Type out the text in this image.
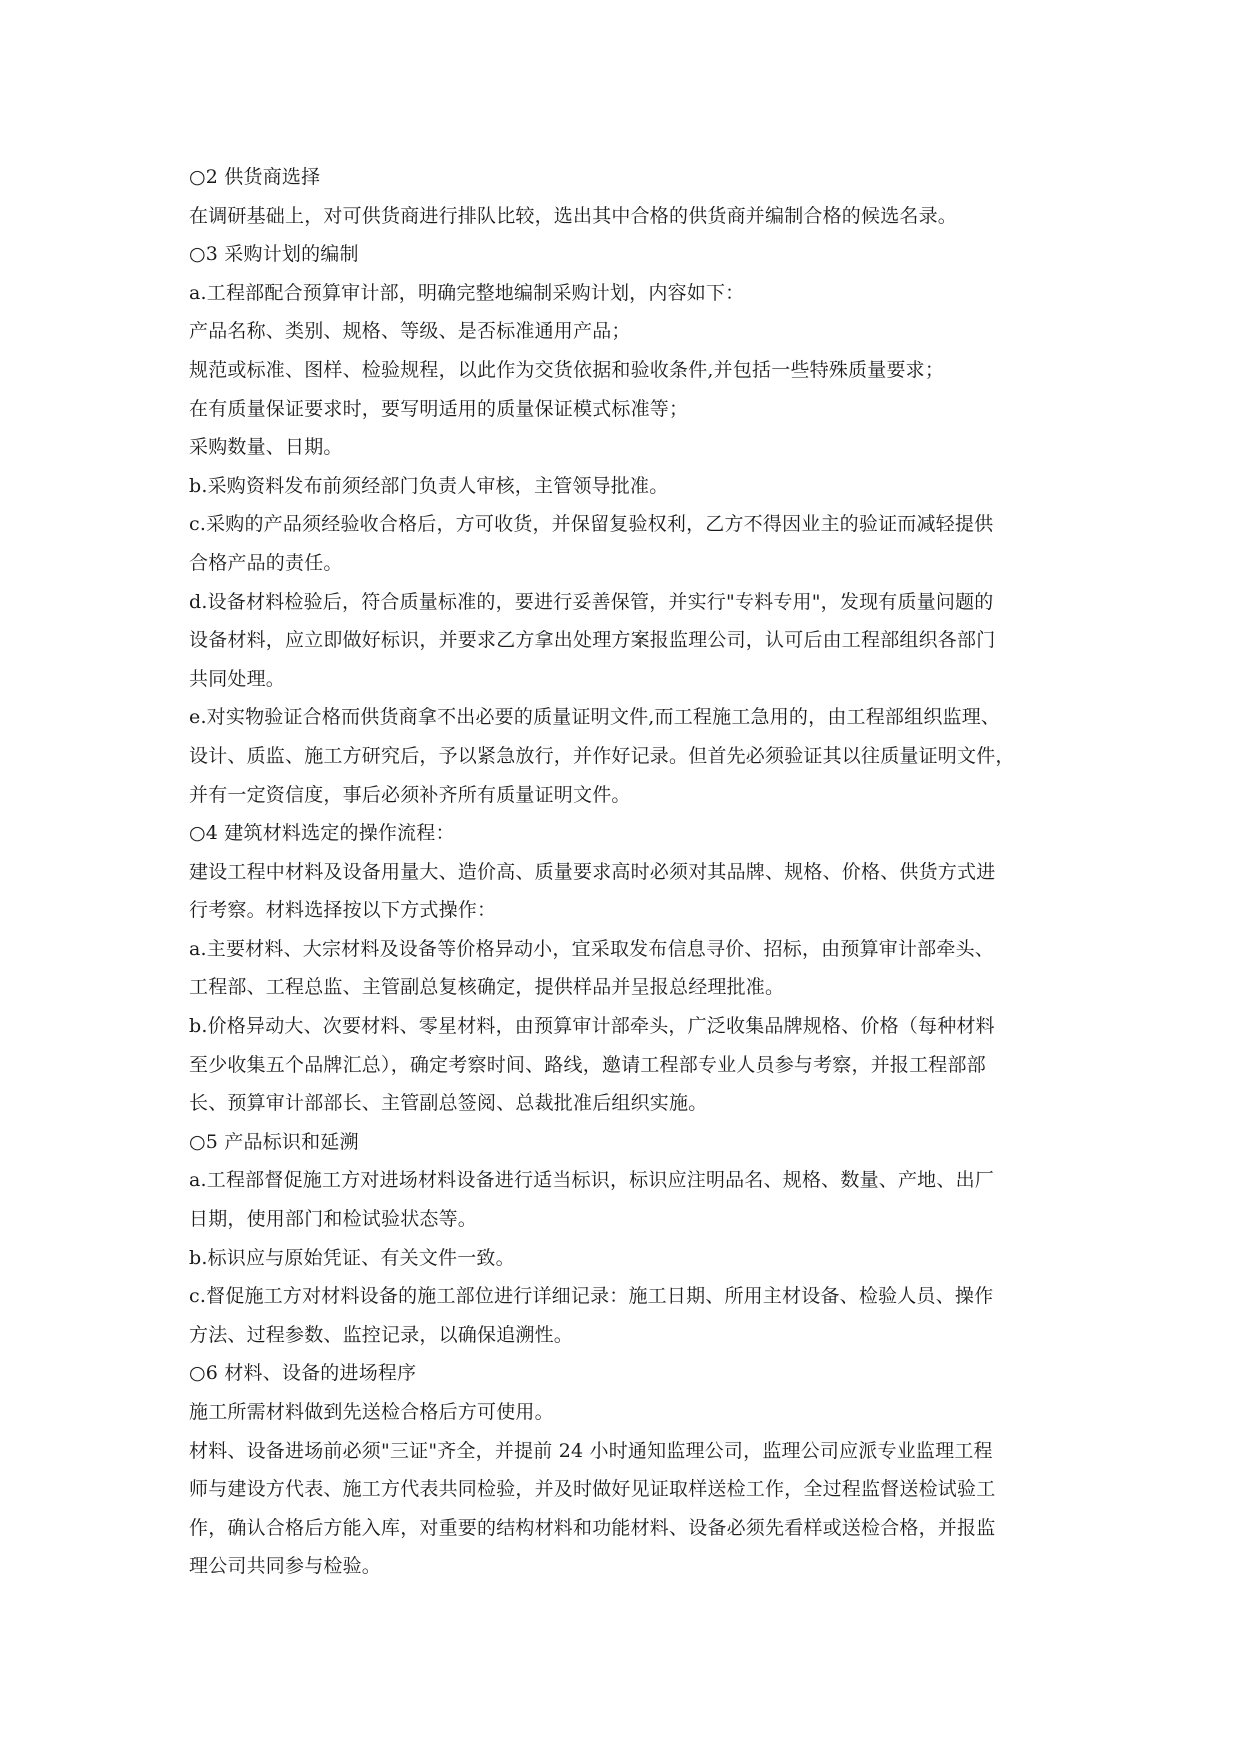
○2 供货商选择
在调研基础上，对可供货商进行排队比较，选出其中合格的供货商并编制合格的候选名录。
○3 采购计划的编制
a.工程部配合预算审计部，明确完整地编制采购计划，内容如下：
产品名称、类别、规格、等级、是否标准通用产品；
规范或标准、图样、检验规程，以此作为交货依据和验收条件,并包括一些特殊质量要求；
在有质量保证要求时，要写明适用的质量保证模式标准等；
采购数量、日期。
b.采购资料发布前须经部门负责人审核，主管领导批准。
c.采购的产品须经验收合格后，方可收货，并保留复验权利，乙方不得因业主的验证而减轻提供
合格产品的责任。
d.设备材料检验后，符合质量标准的，要进行妥善保管，并实行"专料专用"，发现有质量问题的
设备材料，应立即做好标识，并要求乙方拿出处理方案报监理公司，认可后由工程部组织各部门
共同处理。
e.对实物验证合格而供货商拿不出必要的质量证明文件,而工程施工急用的，由工程部组织监理、
设计、质监、施工方研究后，予以紧急放行，并作好记录。但首先必须验证其以往质量证明文件，
并有一定资信度，事后必须补齐所有质量证明文件。
○4 建筑材料选定的操作流程：
建设工程中材料及设备用量大、造价高、质量要求高时必须对其品牌、规格、价格、供货方式进
行考察。材料选择按以下方式操作：
a.主要材料、大宗材料及设备等价格异动小，宜采取发布信息寻价、招标，由预算审计部牵头、
工程部、工程总监、主管副总复核确定，提供样品并呈报总经理批准。
b.价格异动大、次要材料、零星材料，由预算审计部牵头，广泛收集品牌规格、价格（每种材料
至少收集五个品牌汇总），确定考察时间、路线，邀请工程部专业人员参与考察，并报工程部部
长、预算审计部部长、主管副总签阅、总裁批准后组织实施。
○5 产品标识和延溯
a.工程部督促施工方对进场材料设备进行适当标识，标识应注明品名、规格、数量、产地、出厂
日期，使用部门和检试验状态等。
b.标识应与原始凭证、有关文件一致。
c.督促施工方对材料设备的施工部位进行详细记录：施工日期、所用主材设备、检验人员、操作
方法、过程参数、监控记录，以确保追溯性。
○6 材料、设备的进场程序
施工所需材料做到先送检合格后方可使用。
材料、设备进场前必须"三证"齐全，并提前 24 小时通知监理公司，监理公司应派专业监理工程
师与建设方代表、施工方代表共同检验，并及时做好见证取样送检工作，全过程监督送检试验工
作，确认合格后方能入库，对重要的结构材料和功能材料、设备必须先看样或送检合格，并报监
理公司共同参与检验。
